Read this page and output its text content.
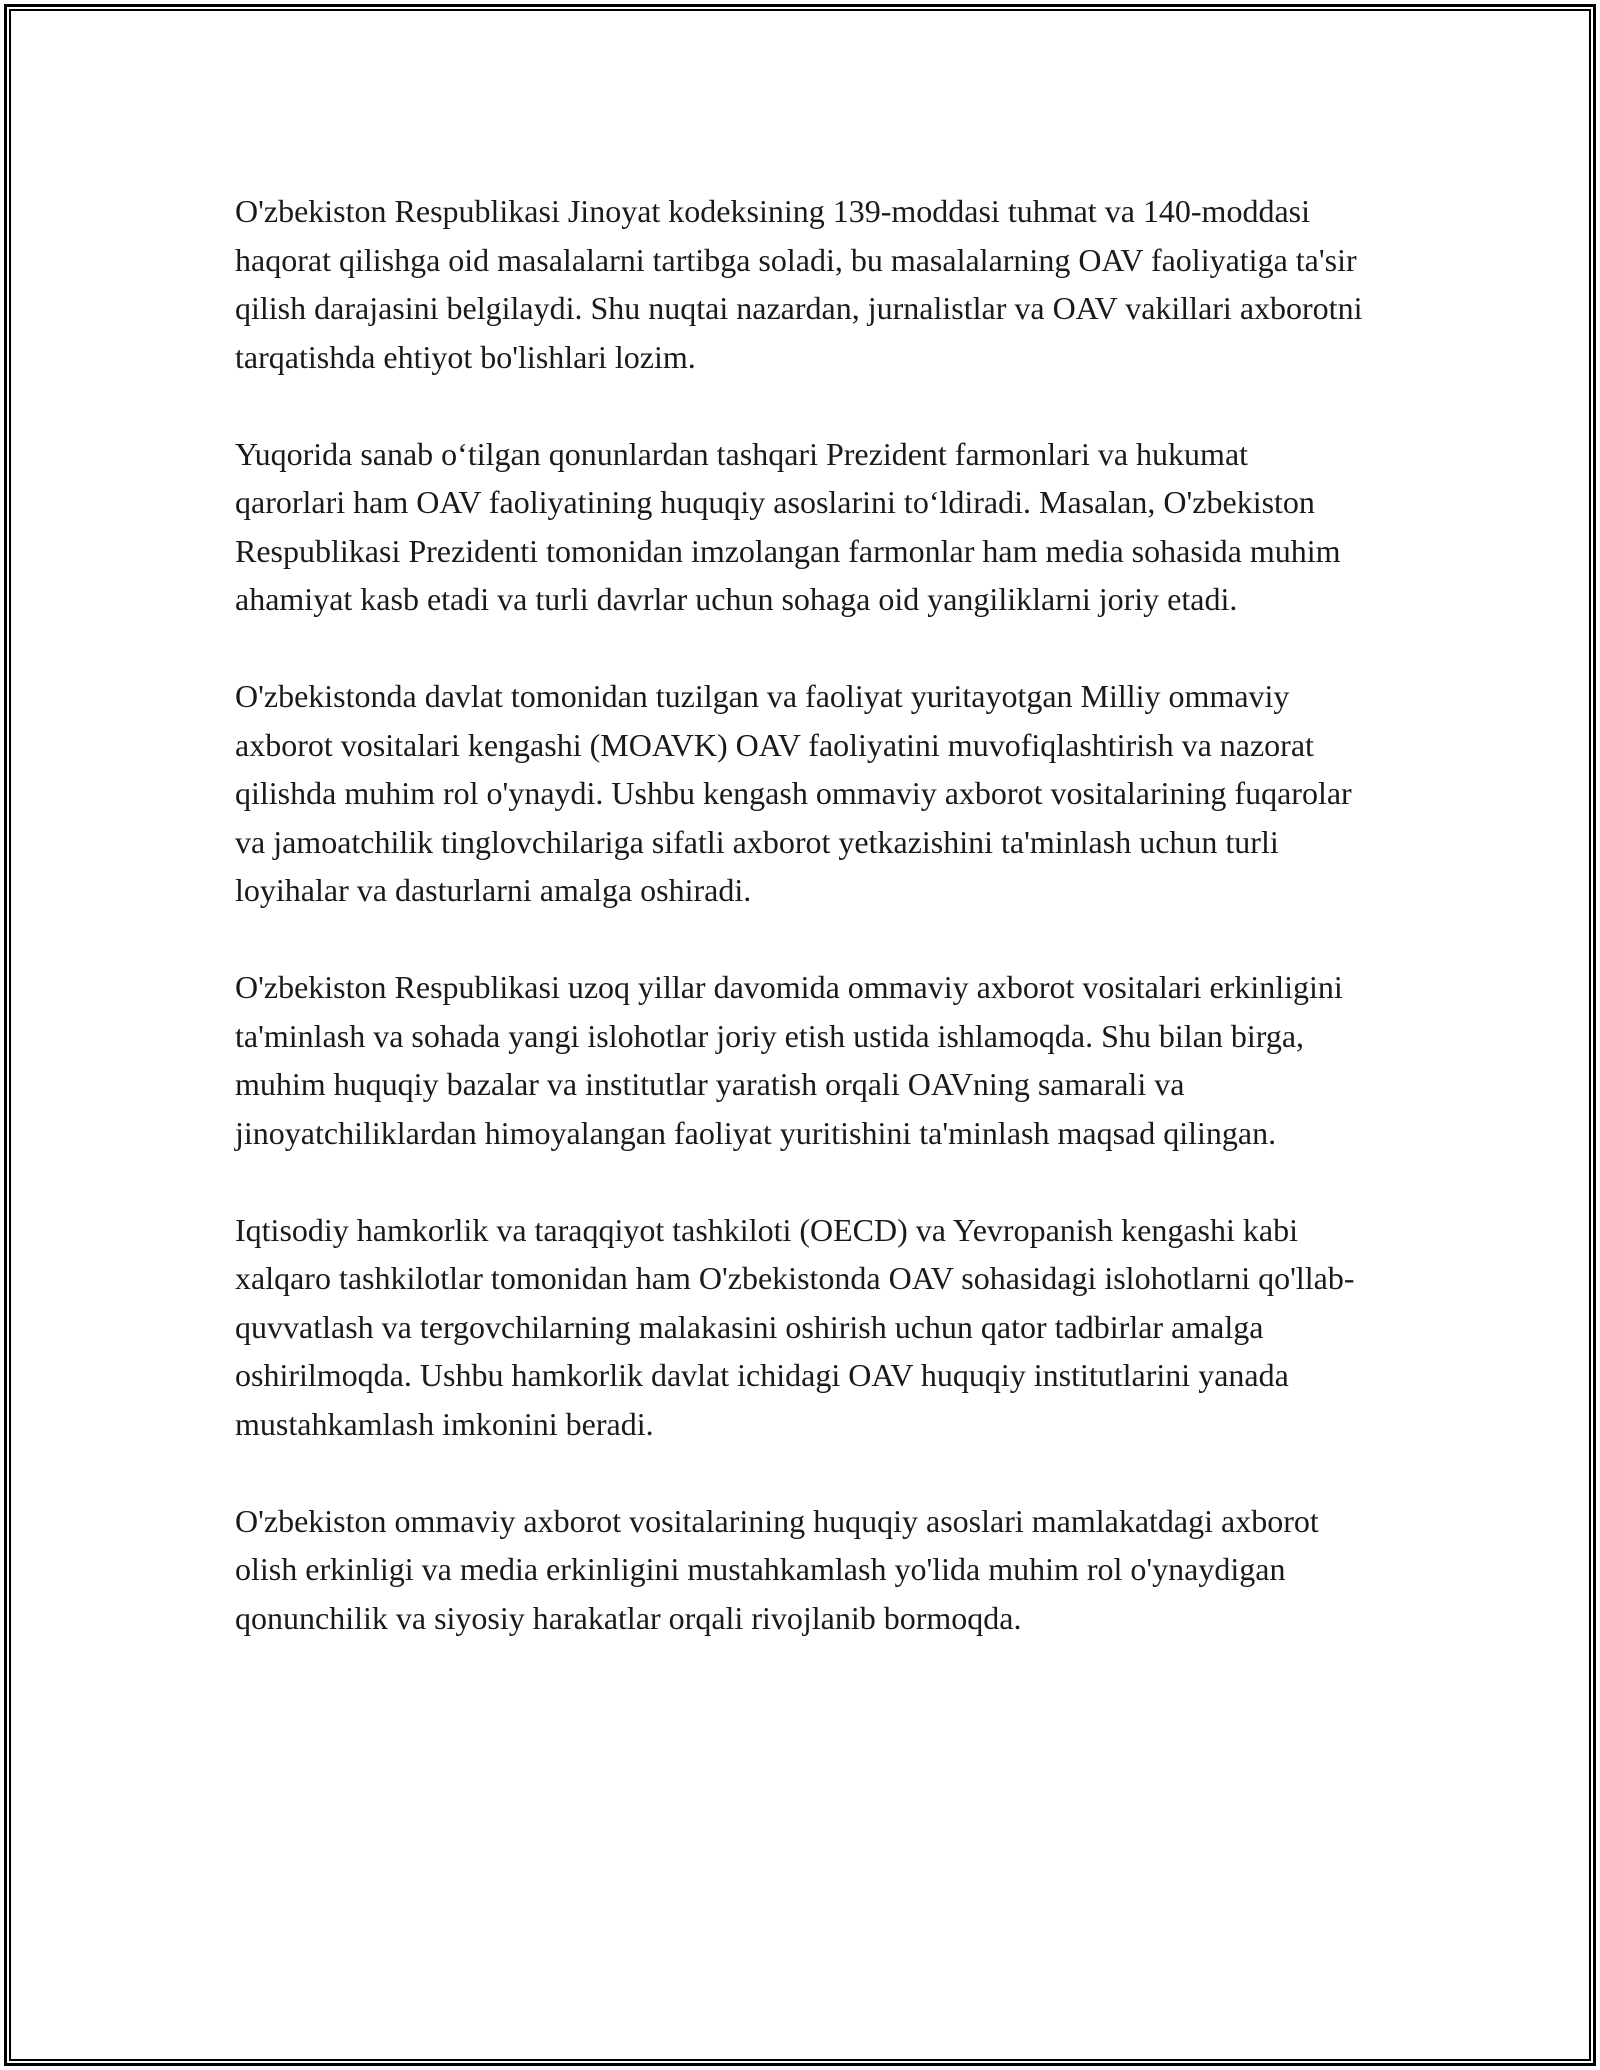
O'zbekiston Respublikasi Jinoyat kodeksining 139-moddasi tuhmat va 140-moddasi haqorat qilishga oid masalalarni tartibga soladi, bu masalalarning OAV faoliyatiga ta'sir qilish darajasini belgilaydi. Shu nuqtai nazardan, jurnalistlar va OAV vakillari axborotni tarqatishda ehtiyot bo'lishlari lozim.

Yuqorida sanab o‘tilgan qonunlardan tashqari Prezident farmonlari va hukumat qarorlari ham OAV faoliyatining huquqiy asoslarini to‘ldiradi. Masalan, O'zbekiston Respublikasi Prezidenti tomonidan imzolangan farmonlar ham media sohasida muhim ahamiyat kasb etadi va turli davrlar uchun sohaga oid yangiliklarni joriy etadi.

O'zbekistonda davlat tomonidan tuzilgan va faoliyat yuritayotgan Milliy ommaviy axborot vositalari kengashi (MOAVK) OAV faoliyatini muvofiqlashtirish va nazorat qilishda muhim rol o'ynaydi. Ushbu kengash ommaviy axborot vositalarining fuqarolar va jamoatchilik tinglovchilariga sifatli axborot yetkazishini ta'minlash uchun turli loyihalar va dasturlarni amalga oshiradi.

O'zbekiston Respublikasi uzoq yillar davomida ommaviy axborot vositalari erkinligini ta'minlash va sohada yangi islohotlar joriy etish ustida ishlamoqda. Shu bilan birga, muhim huquqiy bazalar va institutlar yaratish orqali OAVning samarali va jinoyatchiliklardan himoyalangan faoliyat yuritishini ta'minlash maqsad qilingan.

Iqtisodiy hamkorlik va taraqqiyot tashkiloti (OECD) va Yevropanish kengashi kabi xalqaro tashkilotlar tomonidan ham O'zbekistonda OAV sohasidagi islohotlarni qo'llab-quvvatlash va tergovchilarning malakasini oshirish uchun qator tadbirlar amalga oshirilmoqda. Ushbu hamkorlik davlat ichidagi OAV huquqiy institutlarini yanada mustahkamlash imkonini beradi.

O'zbekiston ommaviy axborot vositalarining huquqiy asoslari mamlakatdagi axborot olish erkinligi va media erkinligini mustahkamlash yo'lida muhim rol o'ynaydigan qonunchilik va siyosiy harakatlar orqali rivojlanib bormoqda.
